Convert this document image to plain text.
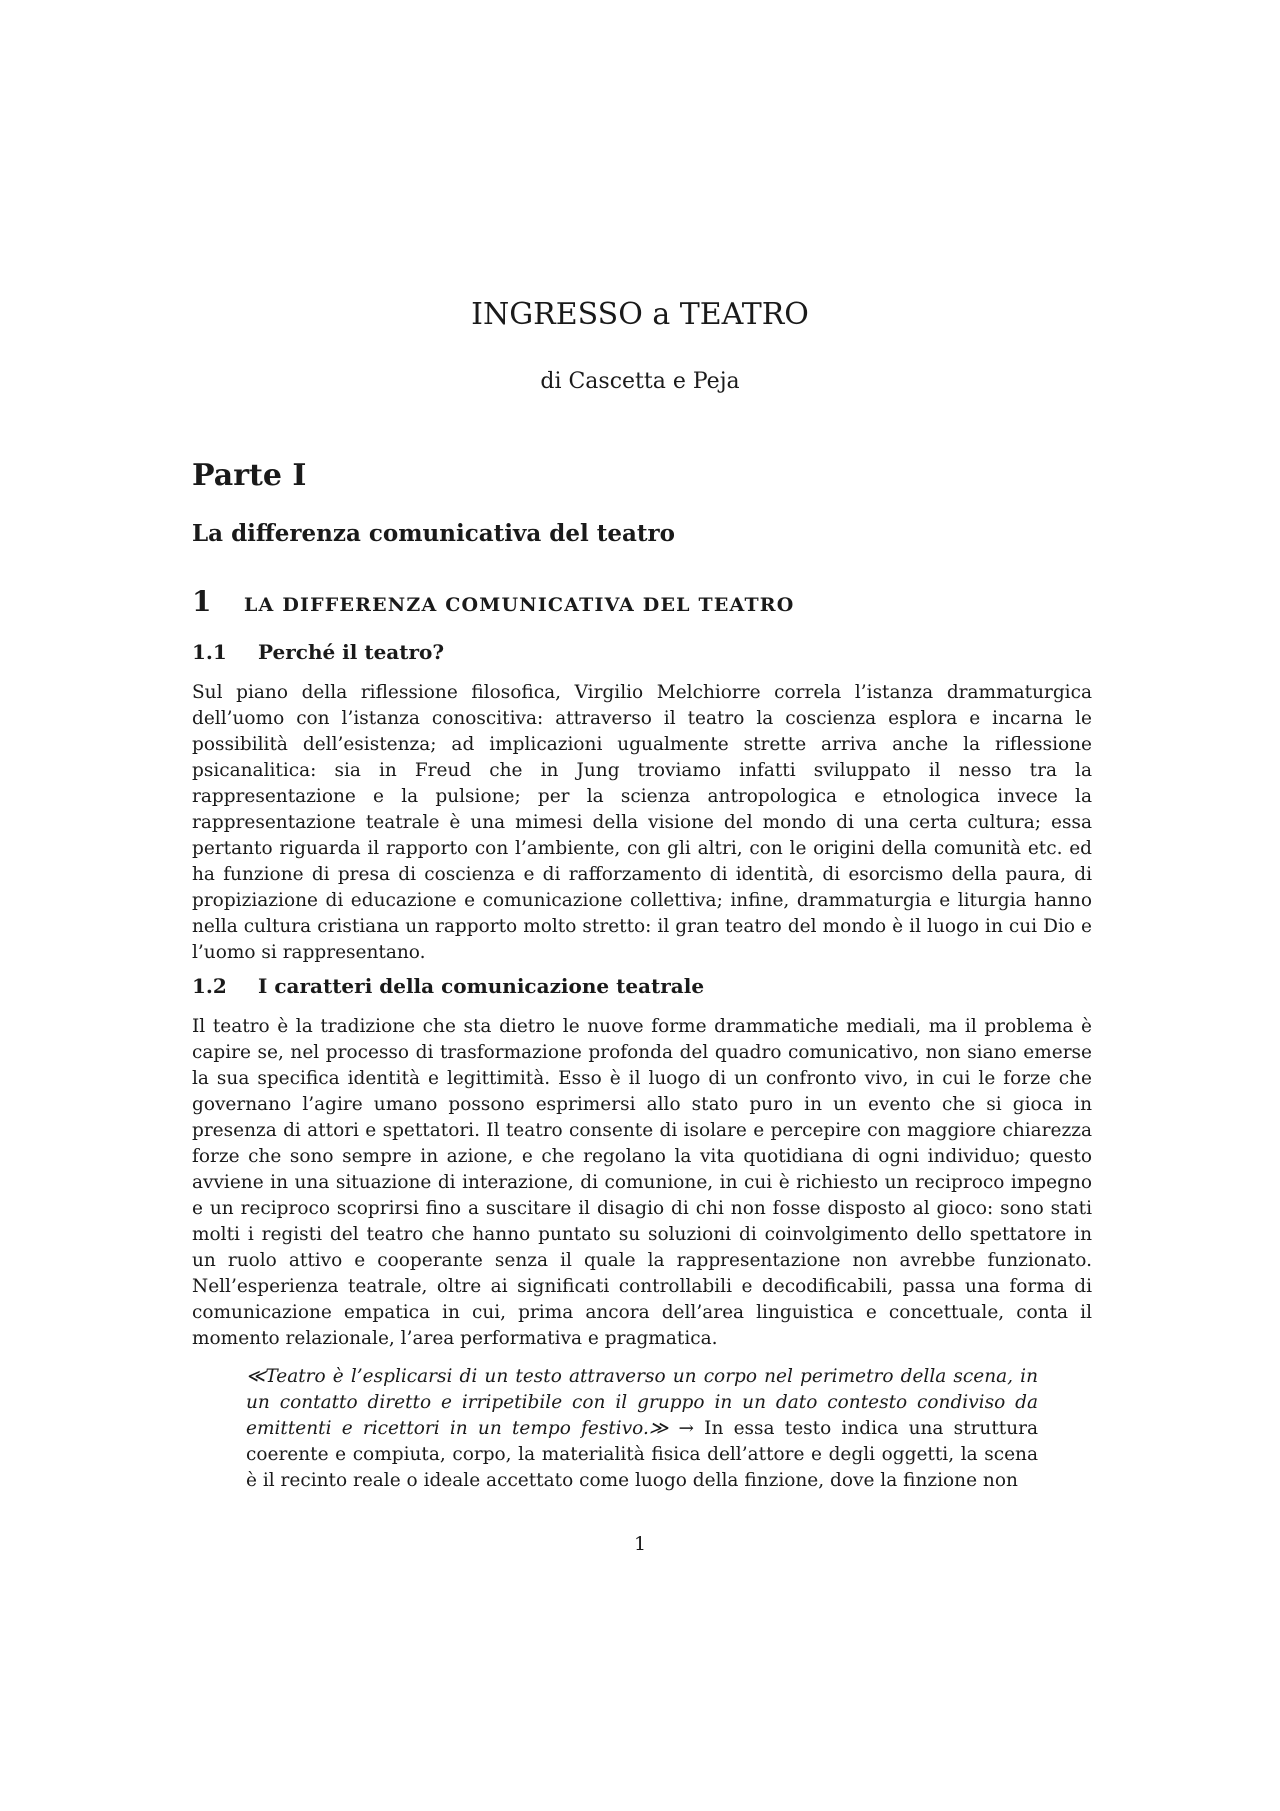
INGRESSO a TEATRO

di Cascetta e Peja

Parte I
La differenza comunicativa del teatro
1	LA DIFFERENZA COMUNICATIVA DEL TEATRO
1.1	Perché il teatro?

Sul piano della riflessione filosofica, Virgilio Melchiorre correla l’istanza drammaturgica dell’uomo con l’istanza conoscitiva: attraverso il teatro la coscienza esplora e incarna le possibilità dell’esistenza; ad implicazioni ugualmente strette arriva anche la riflessione psicanalitica: sia in Freud che in Jung troviamo infatti sviluppato il nesso tra la rappresentazione e la pulsione; per la scienza antropologica e etnologica invece la rappresentazione teatrale è una mimesi della visione del mondo di una certa cultura; essa pertanto riguarda il rapporto con l’ambiente, con gli altri, con le origini della comunità etc. ed ha funzione di presa di coscienza e di rafforzamento di identità, di esorcismo della paura, di propiziazione di educazione e comunicazione collettiva; infine, drammaturgia e liturgia hanno nella cultura cristiana un rapporto molto stretto: il gran teatro del mondo è il luogo in cui Dio e l’uomo si rappresentano.

1.2	I caratteri della comunicazione teatrale

Il teatro è la tradizione che sta dietro le nuove forme drammatiche mediali, ma il problema è capire se, nel processo di trasformazione profonda del quadro comunicativo, non siano emerse la sua specifica identità e legittimità. Esso è il luogo di un confronto vivo, in cui le forze che governano l’agire umano possono esprimersi allo stato puro in un evento che si gioca in presenza di attori e spettatori. Il teatro consente di isolare e percepire con maggiore chiarezza forze che sono sempre in azione, e che regolano la vita quotidiana di ogni individuo; questo avviene in una situazione di interazione, di comunione, in cui è richiesto un reciproco impegno e un reciproco scoprirsi fino a suscitare il disagio di chi non fosse disposto al gioco: sono stati molti i registi del teatro che hanno puntato su soluzioni di coinvolgimento dello spettatore in un ruolo attivo e cooperante senza il quale la rappresentazione non avrebbe funzionato. Nell’esperienza teatrale, oltre ai significati controllabili e decodificabili, passa una forma di comunicazione empatica in cui, prima ancora dell’area linguistica e concettuale, conta il momento relazionale, l’area performativa e pragmatica.

≪Teatro è l’esplicarsi di un testo attraverso un corpo nel perimetro della scena, in un contatto diretto e irripetibile con il gruppo in un dato contesto condiviso da emittenti e ricettori in un tempo festivo.≫ → In essa testo indica una struttura coerente e compiuta, corpo, la materialità fisica dell’attore e degli oggetti, la scena è il recinto reale o ideale accettato come luogo della finzione, dove la finzione non

1
